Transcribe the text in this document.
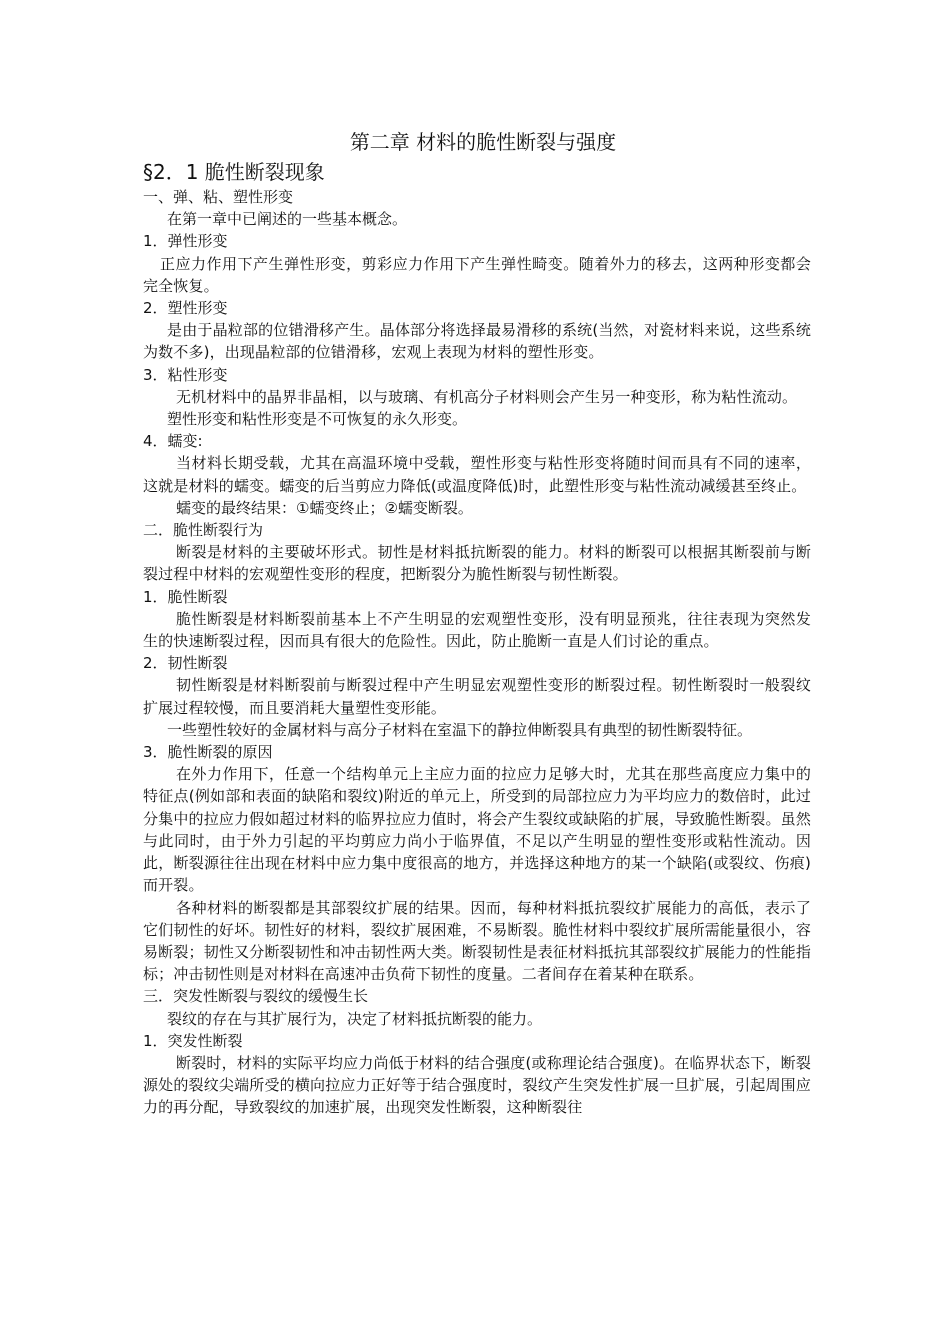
第二章 材料的脆性断裂与强度
§2．1 脆性断裂现象
一、弹、粘、塑性形变
在第一章中已阐述的一些基本概念。
1．弹性形变
正应力作用下产生弹性形变，剪彩应力作用下产生弹性畸变。随着外力的移去，这两种形变都会完全恢复。
2．塑性形变
是由于晶粒部的位错滑移产生。晶体部分将选择最易滑移的系统(当然，对瓷材料来说，这些系统为数不多)，出现晶粒部的位错滑移，宏观上表现为材料的塑性形变。
3．粘性形变
无机材料中的晶界非晶相，以与玻璃、有机高分子材料则会产生另一种变形，称为粘性流动。
塑性形变和粘性形变是不可恢复的永久形变。
4．蠕变:
当材料长期受载，尤其在高温环境中受载，塑性形变与粘性形变将随时间而具有不同的速率，这就是材料的蠕变。蠕变的后当剪应力降低(或温度降低)时，此塑性形变与粘性流动减缓甚至终止。
蠕变的最终结果：①蠕变终止；②蠕变断裂。
二．脆性断裂行为
断裂是材料的主要破坏形式。韧性是材料抵抗断裂的能力。材料的断裂可以根据其断裂前与断裂过程中材料的宏观塑性变形的程度，把断裂分为脆性断裂与韧性断裂。
1．脆性断裂
脆性断裂是材料断裂前基本上不产生明显的宏观塑性变形，没有明显预兆，往往表现为突然发生的快速断裂过程，因而具有很大的危险性。因此，防止脆断一直是人们讨论的重点。
2．韧性断裂
韧性断裂是材料断裂前与断裂过程中产生明显宏观塑性变形的断裂过程。韧性断裂时一般裂纹扩展过程较慢，而且要消耗大量塑性变形能。
一些塑性较好的金属材料与高分子材料在室温下的静拉伸断裂具有典型的韧性断裂特征。
3．脆性断裂的原因
在外力作用下，任意一个结构单元上主应力面的拉应力足够大时，尤其在那些高度应力集中的特征点(例如部和表面的缺陷和裂纹)附近的单元上，所受到的局部拉应力为平均应力的数倍时，此过分集中的拉应力假如超过材料的临界拉应力值时，将会产生裂纹或缺陷的扩展，导致脆性断裂。虽然与此同时，由于外力引起的平均剪应力尚小于临界值，不足以产生明显的塑性变形或粘性流动。因此，断裂源往往出现在材料中应力集中度很高的地方，并选择这种地方的某一个缺陷(或裂纹、伤痕)而开裂。
各种材料的断裂都是其部裂纹扩展的结果。因而，每种材料抵抗裂纹扩展能力的高低，表示了它们韧性的好坏。韧性好的材料，裂纹扩展困难，不易断裂。脆性材料中裂纹扩展所需能量很小，容易断裂；韧性又分断裂韧性和冲击韧性两大类。断裂韧性是表征材料抵抗其部裂纹扩展能力的性能指标；冲击韧性则是对材料在高速冲击负荷下韧性的度量。二者间存在着某种在联系。
三．突发性断裂与裂纹的缓慢生长
裂纹的存在与其扩展行为，决定了材料抵抗断裂的能力。
1．突发性断裂
断裂时，材料的实际平均应力尚低于材料的结合强度(或称理论结合强度)。在临界状态下，断裂源处的裂纹尖端所受的横向拉应力正好等于结合强度时，裂纹产生突发性扩展一旦扩展，引起周围应力的再分配，导致裂纹的加速扩展，出现突发性断裂，这种断裂往
